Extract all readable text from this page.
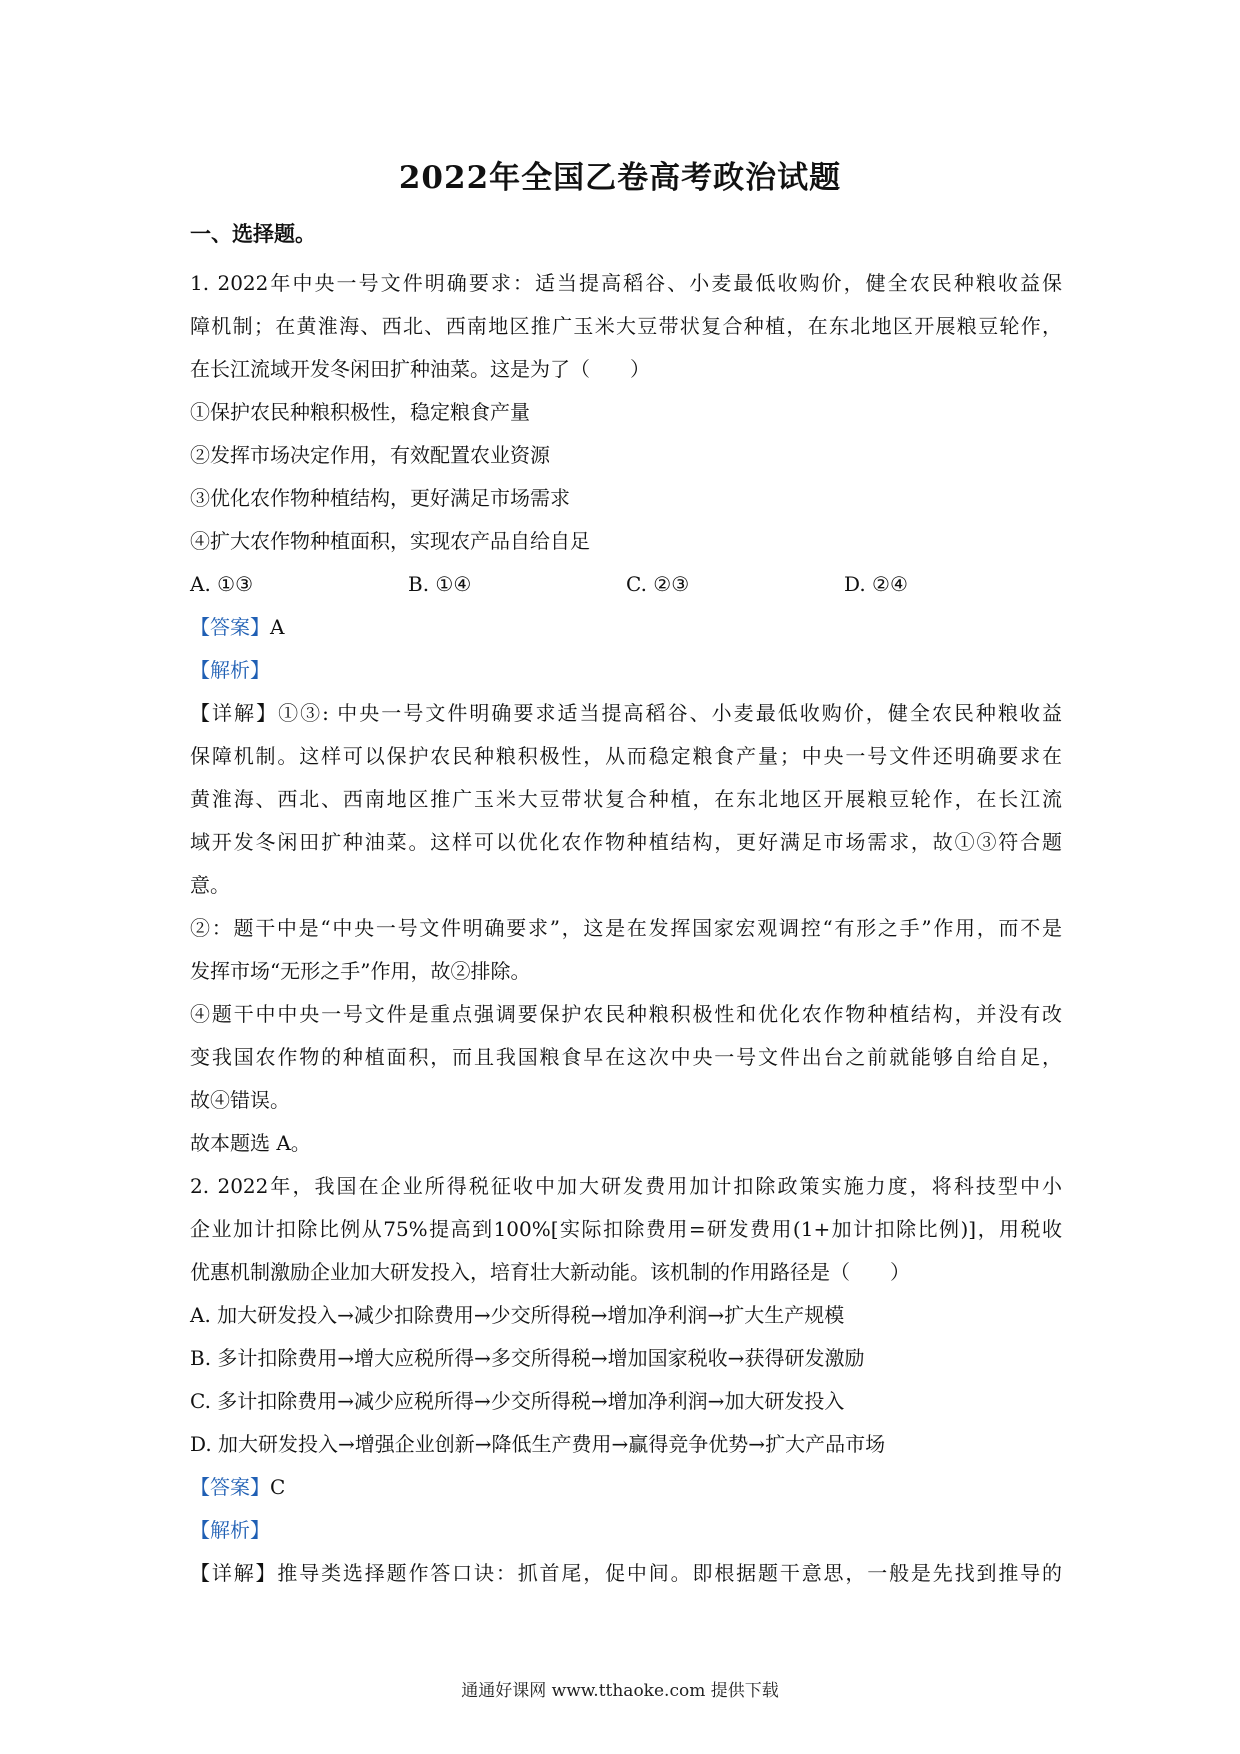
2022年全国乙卷高考政治试题
一、选择题。
1. 2022年中央一号文件明确要求：适当提高稻谷、小麦最低收购价，健全农民种粮收益保
障机制；在黄淮海、西北、西南地区推广玉米大豆带状复合种植，在东北地区开展粮豆轮作，
在长江流域开发冬闲田扩种油菜。这是为了（　　）
①保护农民种粮积极性，稳定粮食产量
②发挥市场决定作用，有效配置农业资源
③优化农作物种植结构，更好满足市场需求
④扩大农作物种植面积，实现农产品自给自足
A. ①③	B. ①④	C. ②③	D. ②④
【答案】A
【解析】
【详解】①③: 中央一号文件明确要求适当提高稻谷、小麦最低收购价，健全农民种粮收益
保障机制。这样可以保护农民种粮积极性，从而稳定粮食产量；中央一号文件还明确要求在
黄淮海、西北、西南地区推广玉米大豆带状复合种植，在东北地区开展粮豆轮作，在长江流
域开发冬闲田扩种油菜。这样可以优化农作物种植结构，更好满足市场需求，故①③符合题
意。
②：题干中是“中央一号文件明确要求”，这是在发挥国家宏观调控“有形之手”作用，而不是
发挥市场“无形之手”作用，故②排除。
④题干中中央一号文件是重点强调要保护农民种粮积极性和优化农作物种植结构，并没有改
变我国农作物的种植面积，而且我国粮食早在这次中央一号文件出台之前就能够自给自足，
故④错误。
故本题选 A。
2. 2022年，我国在企业所得税征收中加大研发费用加计扣除政策实施力度，将科技型中小
企业加计扣除比例从75%提高到100%[实际扣除费用=研发费用(1+加计扣除比例)]，用税收
优惠机制激励企业加大研发投入，培育壮大新动能。该机制的作用路径是（　　）
A. 加大研发投入→减少扣除费用→少交所得税→增加净利润→扩大生产规模
B. 多计扣除费用→增大应税所得→多交所得税→增加国家税收→获得研发激励
C. 多计扣除费用→减少应税所得→少交所得税→增加净利润→加大研发投入
D. 加大研发投入→增强企业创新→降低生产费用→赢得竞争优势→扩大产品市场
【答案】C
【解析】
【详解】推导类选择题作答口诀：抓首尾，促中间。即根据题干意思，一般是先找到推导的
通通好课网 www.tthaoke.com 提供下载
